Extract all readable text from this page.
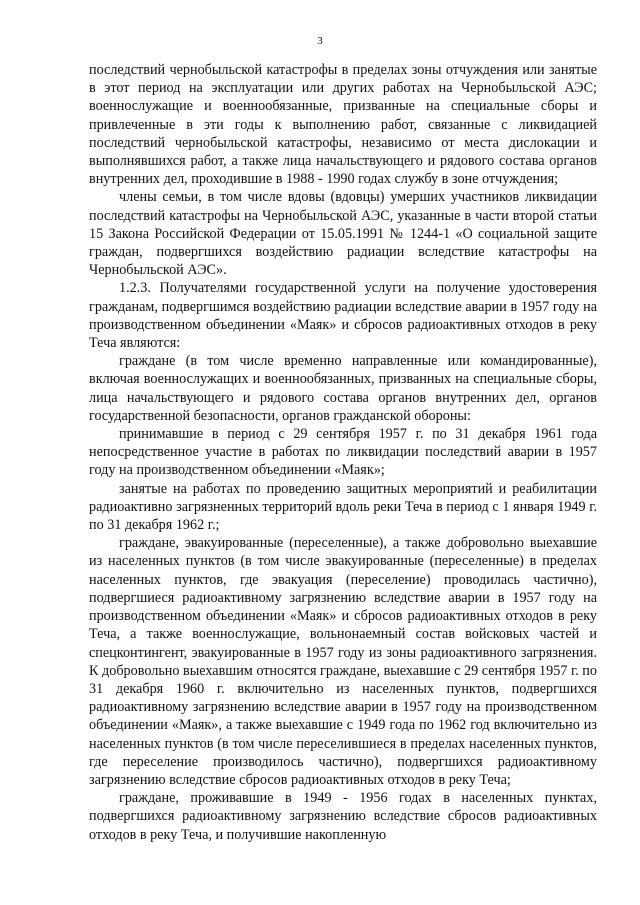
3

последствий чернобыльской катастрофы в пределах зоны отчуждения или занятые в этот период на эксплуатации или других работах на Чернобыльской АЭС; военнослужащие и военнообязанные, призванные на специальные сборы и привлеченные в эти годы к выполнению работ, связанные с ликвидацией последствий чернобыльской катастрофы, независимо от места дислокации и выполнявшихся работ, а также лица начальствующего и рядового состава органов внутренних дел, проходившие в 1988 - 1990 годах службу в зоне отчуждения;

члены семьи, в том числе вдовы (вдовцы) умерших участников ликвидации последствий катастрофы на Чернобыльской АЭС, указанные в части второй статьи 15 Закона Российской Федерации от 15.05.1991 № 1244-1 «О социальной защите граждан, подвергшихся воздействию радиации вследствие катастрофы на Чернобыльской АЭС».

1.2.3. Получателями государственной услуги на получение удостоверения гражданам, подвергшимся воздействию радиации вследствие аварии в 1957 году на производственном объединении «Маяк» и сбросов радиоактивных отходов в реку Теча являются:

граждане (в том числе временно направленные или командированные), включая военнослужащих и военнообязанных, призванных на специальные сборы, лица начальствующего и рядового состава органов внутренних дел, органов государственной безопасности, органов гражданской обороны:

принимавшие в период с 29 сентября 1957 г. по 31 декабря 1961 года непосредственное участие в работах по ликвидации последствий аварии в 1957 году на производственном объединении «Маяк»;

занятые на работах по проведению защитных мероприятий и реабилитации радиоактивно загрязненных территорий вдоль реки Теча в период с 1 января 1949 г. по 31 декабря 1962 г.;

граждане, эвакуированные (переселенные), а также добровольно выехавшие из населенных пунктов (в том числе эвакуированные (переселенные) в пределах населенных пунктов, где эвакуация (переселение) проводилась частично), подвергшиеся радиоактивному загрязнению вследствие аварии в 1957 году на производственном объединении «Маяк» и сбросов радиоактивных отходов в реку Теча, а также военнослужащие, вольнонаемный состав войсковых частей и спецконтингент, эвакуированные в 1957 году из зоны радиоактивного загрязнения. К добровольно выехавшим относятся граждане, выехавшие с 29 сентября 1957 г. по 31 декабря 1960 г. включительно из населенных пунктов, подвергшихся радиоактивному загрязнению вследствие аварии в 1957 году на производственном объединении «Маяк», а также выехавшие с 1949 года по 1962 год включительно из населенных пунктов (в том числе переселившиеся в пределах населенных пунктов, где переселение производилось частично), подвергшихся радиоактивному загрязнению вследствие сбросов радиоактивных отходов в реку Теча;

граждане, проживавшие в 1949 - 1956 годах в населенных пунктах, подвергшихся радиоактивному загрязнению вследствие сбросов радиоактивных отходов в реку Теча, и получившие накопленную
